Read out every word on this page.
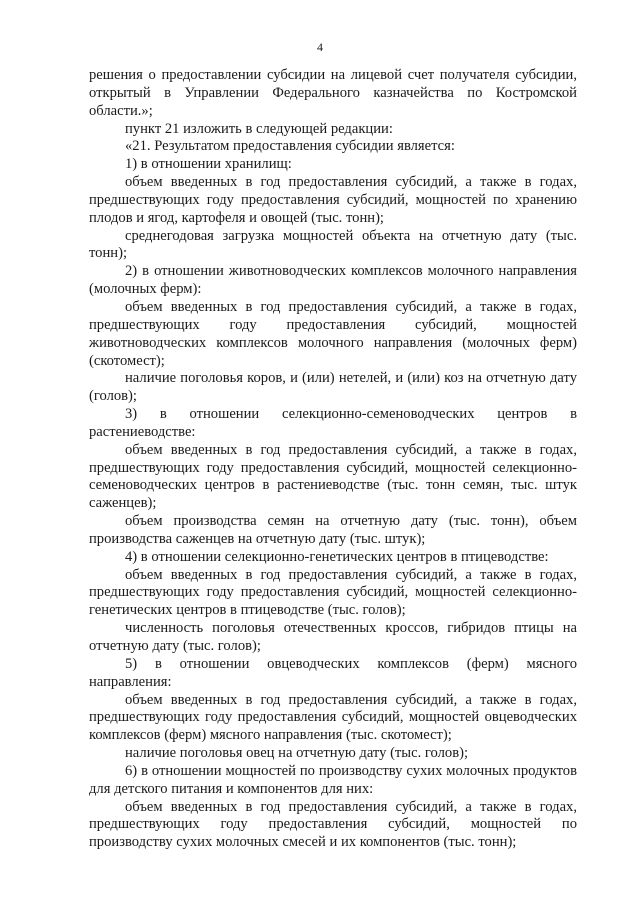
4

решения о предоставлении субсидии на лицевой счет получателя субсидии, открытый в Управлении Федерального казначейства по Костромской области.»;

пункт 21 изложить в следующей редакции:

«21. Результатом предоставления субсидии является:

1) в отношении хранилищ:

объем введенных в год предоставления субсидий, а также в годах, предшествующих году предоставления субсидий, мощностей по хранению плодов и ягод, картофеля и овощей (тыс. тонн);

среднегодовая загрузка мощностей объекта на отчетную дату (тыс. тонн);

2) в отношении животноводческих комплексов молочного направления (молочных ферм):

объем введенных в год предоставления субсидий, а также в годах, предшествующих году предоставления субсидий, мощностей животноводческих комплексов молочного направления (молочных ферм) (скотомест);

наличие поголовья коров, и (или) нетелей, и (или) коз на отчетную дату (голов);

3) в отношении селекционно-семеноводческих центров в растениеводстве:

объем введенных в год предоставления субсидий, а также в годах, предшествующих году предоставления субсидий, мощностей селекционно-семеноводческих центров в растениеводстве (тыс. тонн семян, тыс. штук саженцев);

объем производства семян на отчетную дату (тыс. тонн), объем производства саженцев на отчетную дату (тыс. штук);

4) в отношении селекционно-генетических центров в птицеводстве:

объем введенных в год предоставления субсидий, а также в годах, предшествующих году предоставления субсидий, мощностей селекционно-генетических центров в птицеводстве (тыс. голов);

численность поголовья отечественных кроссов, гибридов птицы на отчетную дату (тыс. голов);

5) в отношении овцеводческих комплексов (ферм) мясного направления:

объем введенных в год предоставления субсидий, а также в годах, предшествующих году предоставления субсидий, мощностей овцеводческих комплексов (ферм) мясного направления (тыс. скотомест);

наличие поголовья овец на отчетную дату (тыс. голов);

6) в отношении мощностей по производству сухих молочных продуктов для детского питания и компонентов для них:

объем введенных в год предоставления субсидий, а также в годах, предшествующих году предоставления субсидий, мощностей по производству сухих молочных смесей и их компонентов (тыс. тонн);
